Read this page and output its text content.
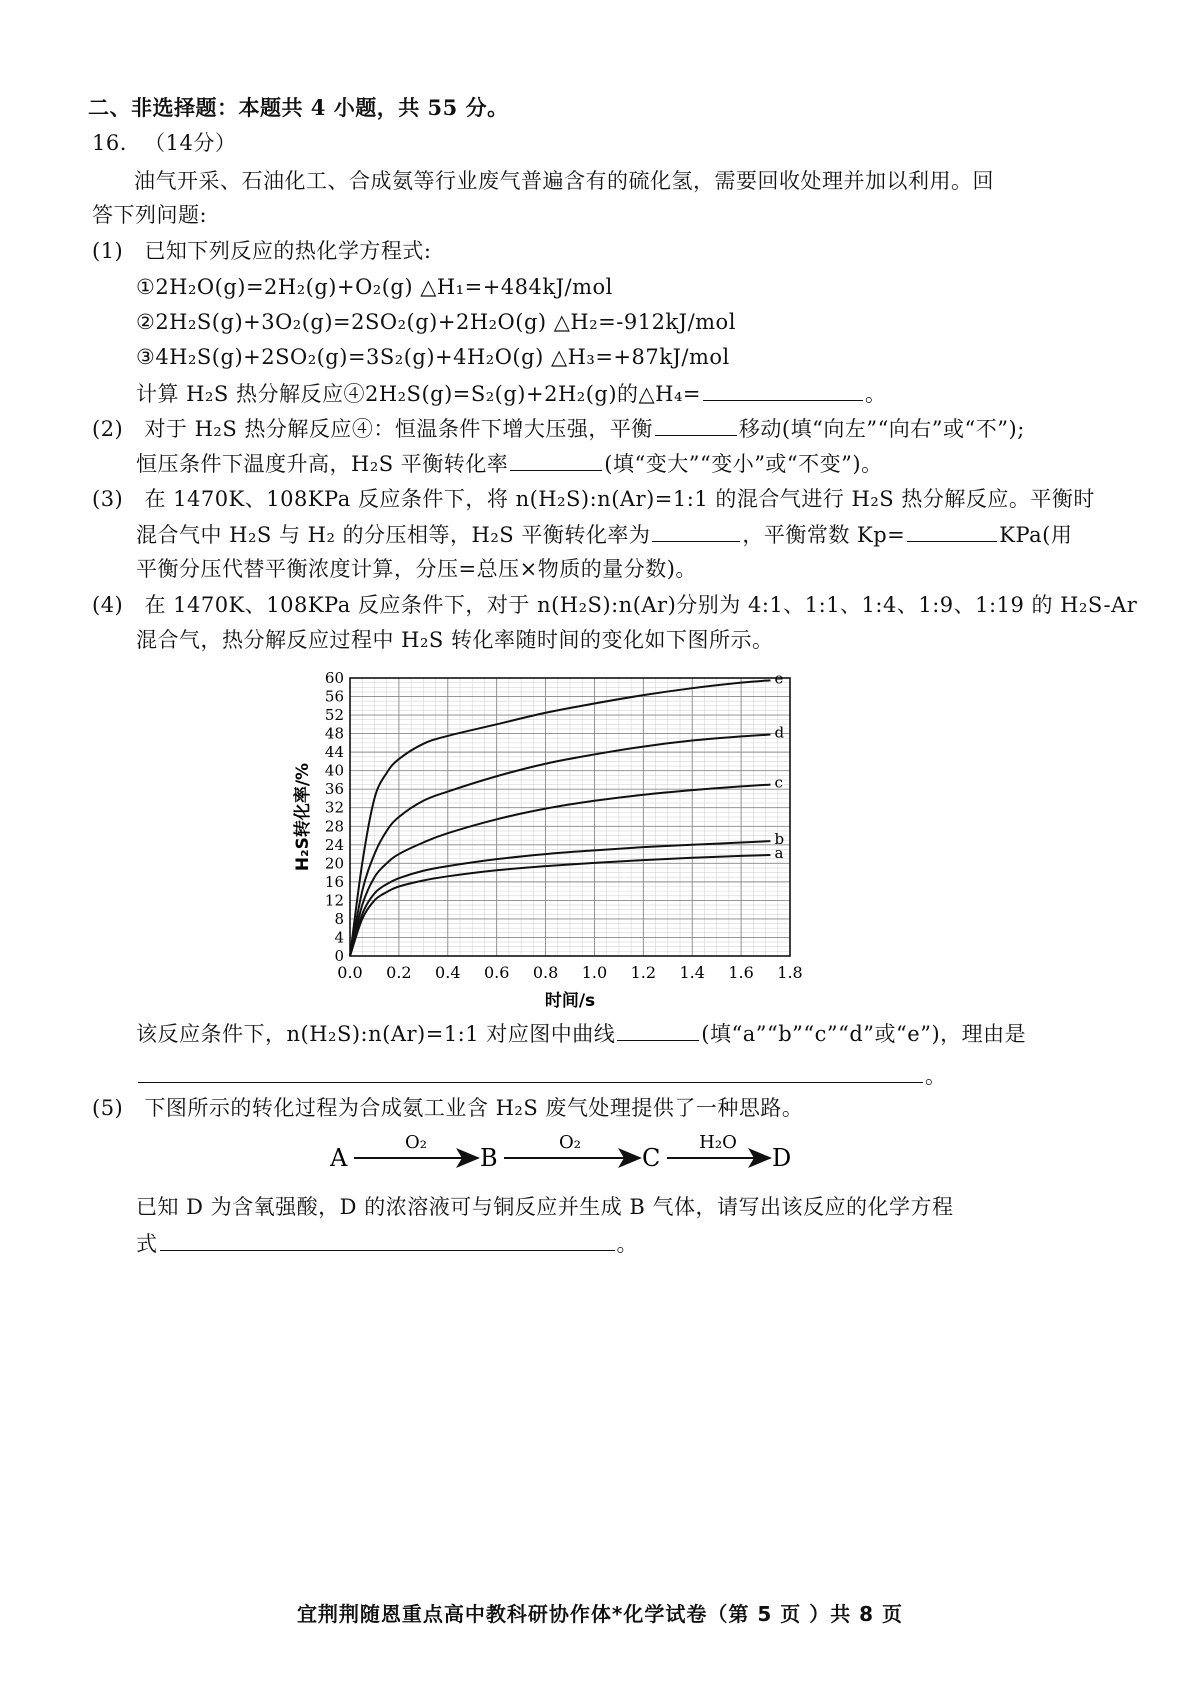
二、非选择题：本题共 4 小题，共 55 分。
16. （14分）
油气开采、石油化工、合成氨等行业废气普遍含有的硫化氢，需要回收处理并加以利用。回
答下列问题:
(1) 已知下列反应的热化学方程式:
①2H₂O(g)=2H₂(g)+O₂(g) △H₁=+484kJ/mol
②2H₂S(g)+3O₂(g)=2SO₂(g)+2H₂O(g) △H₂=-912kJ/mol
③4H₂S(g)+2SO₂(g)=3S₂(g)+4H₂O(g) △H₃=+87kJ/mol
计算 H₂S 热分解反应④2H₂S(g)=S₂(g)+2H₂(g)的△H₄=	。
(2) 对于 H₂S 热分解反应④：恒温条件下增大压强，平衡	移动(填“向左”“向右”或“不”);
恒压条件下温度升高，H₂S 平衡转化率	(填“变大”“变小”或“不变”)。
(3) 在 1470K、108KPa 反应条件下，将 n(H₂S):n(Ar)=1:1 的混合气进行 H₂S 热分解反应。平衡时
混合气中 H₂S 与 H₂ 的分压相等，H₂S 平衡转化率为	，平衡常数 Kp=	KPa(用
平衡分压代替平衡浓度计算，分压=总压×物质的量分数)。
(4) 在 1470K、108KPa 反应条件下，对于 n(H₂S):n(Ar)分别为 4:1、1:1、1:4、1:9、1:19 的 H₂S-Ar
混合气，热分解反应过程中 H₂S 转化率随时间的变化如下图所示。
0.0 0.2 0.4 0.6 0.8 1.0 1.2 1.4 1.6 1.8
0
4
8
12
16
20
24
28
32
36
40
44
48
52
56
60
时间/s
H₂S转化率/%	a
b
c
d
e
该反应条件下，n(H₂S):n(Ar)=1:1 对应图中曲线	(填“a”“b”“c”“d”或“e”)，理由是
。
(5) 下图所示的转化过程为合成氨工业含 H₂S 废气处理提供了一种思路。
A
O₂
B
O₂
C
H₂O
D
已知 D 为含氧强酸，D 的浓溶液可与铜反应并生成 B 气体，请写出该反应的化学方程
式	。
宜荆荆随恩重点高中教科研协作体*化学试卷（第 5 页 ）共 8 页
